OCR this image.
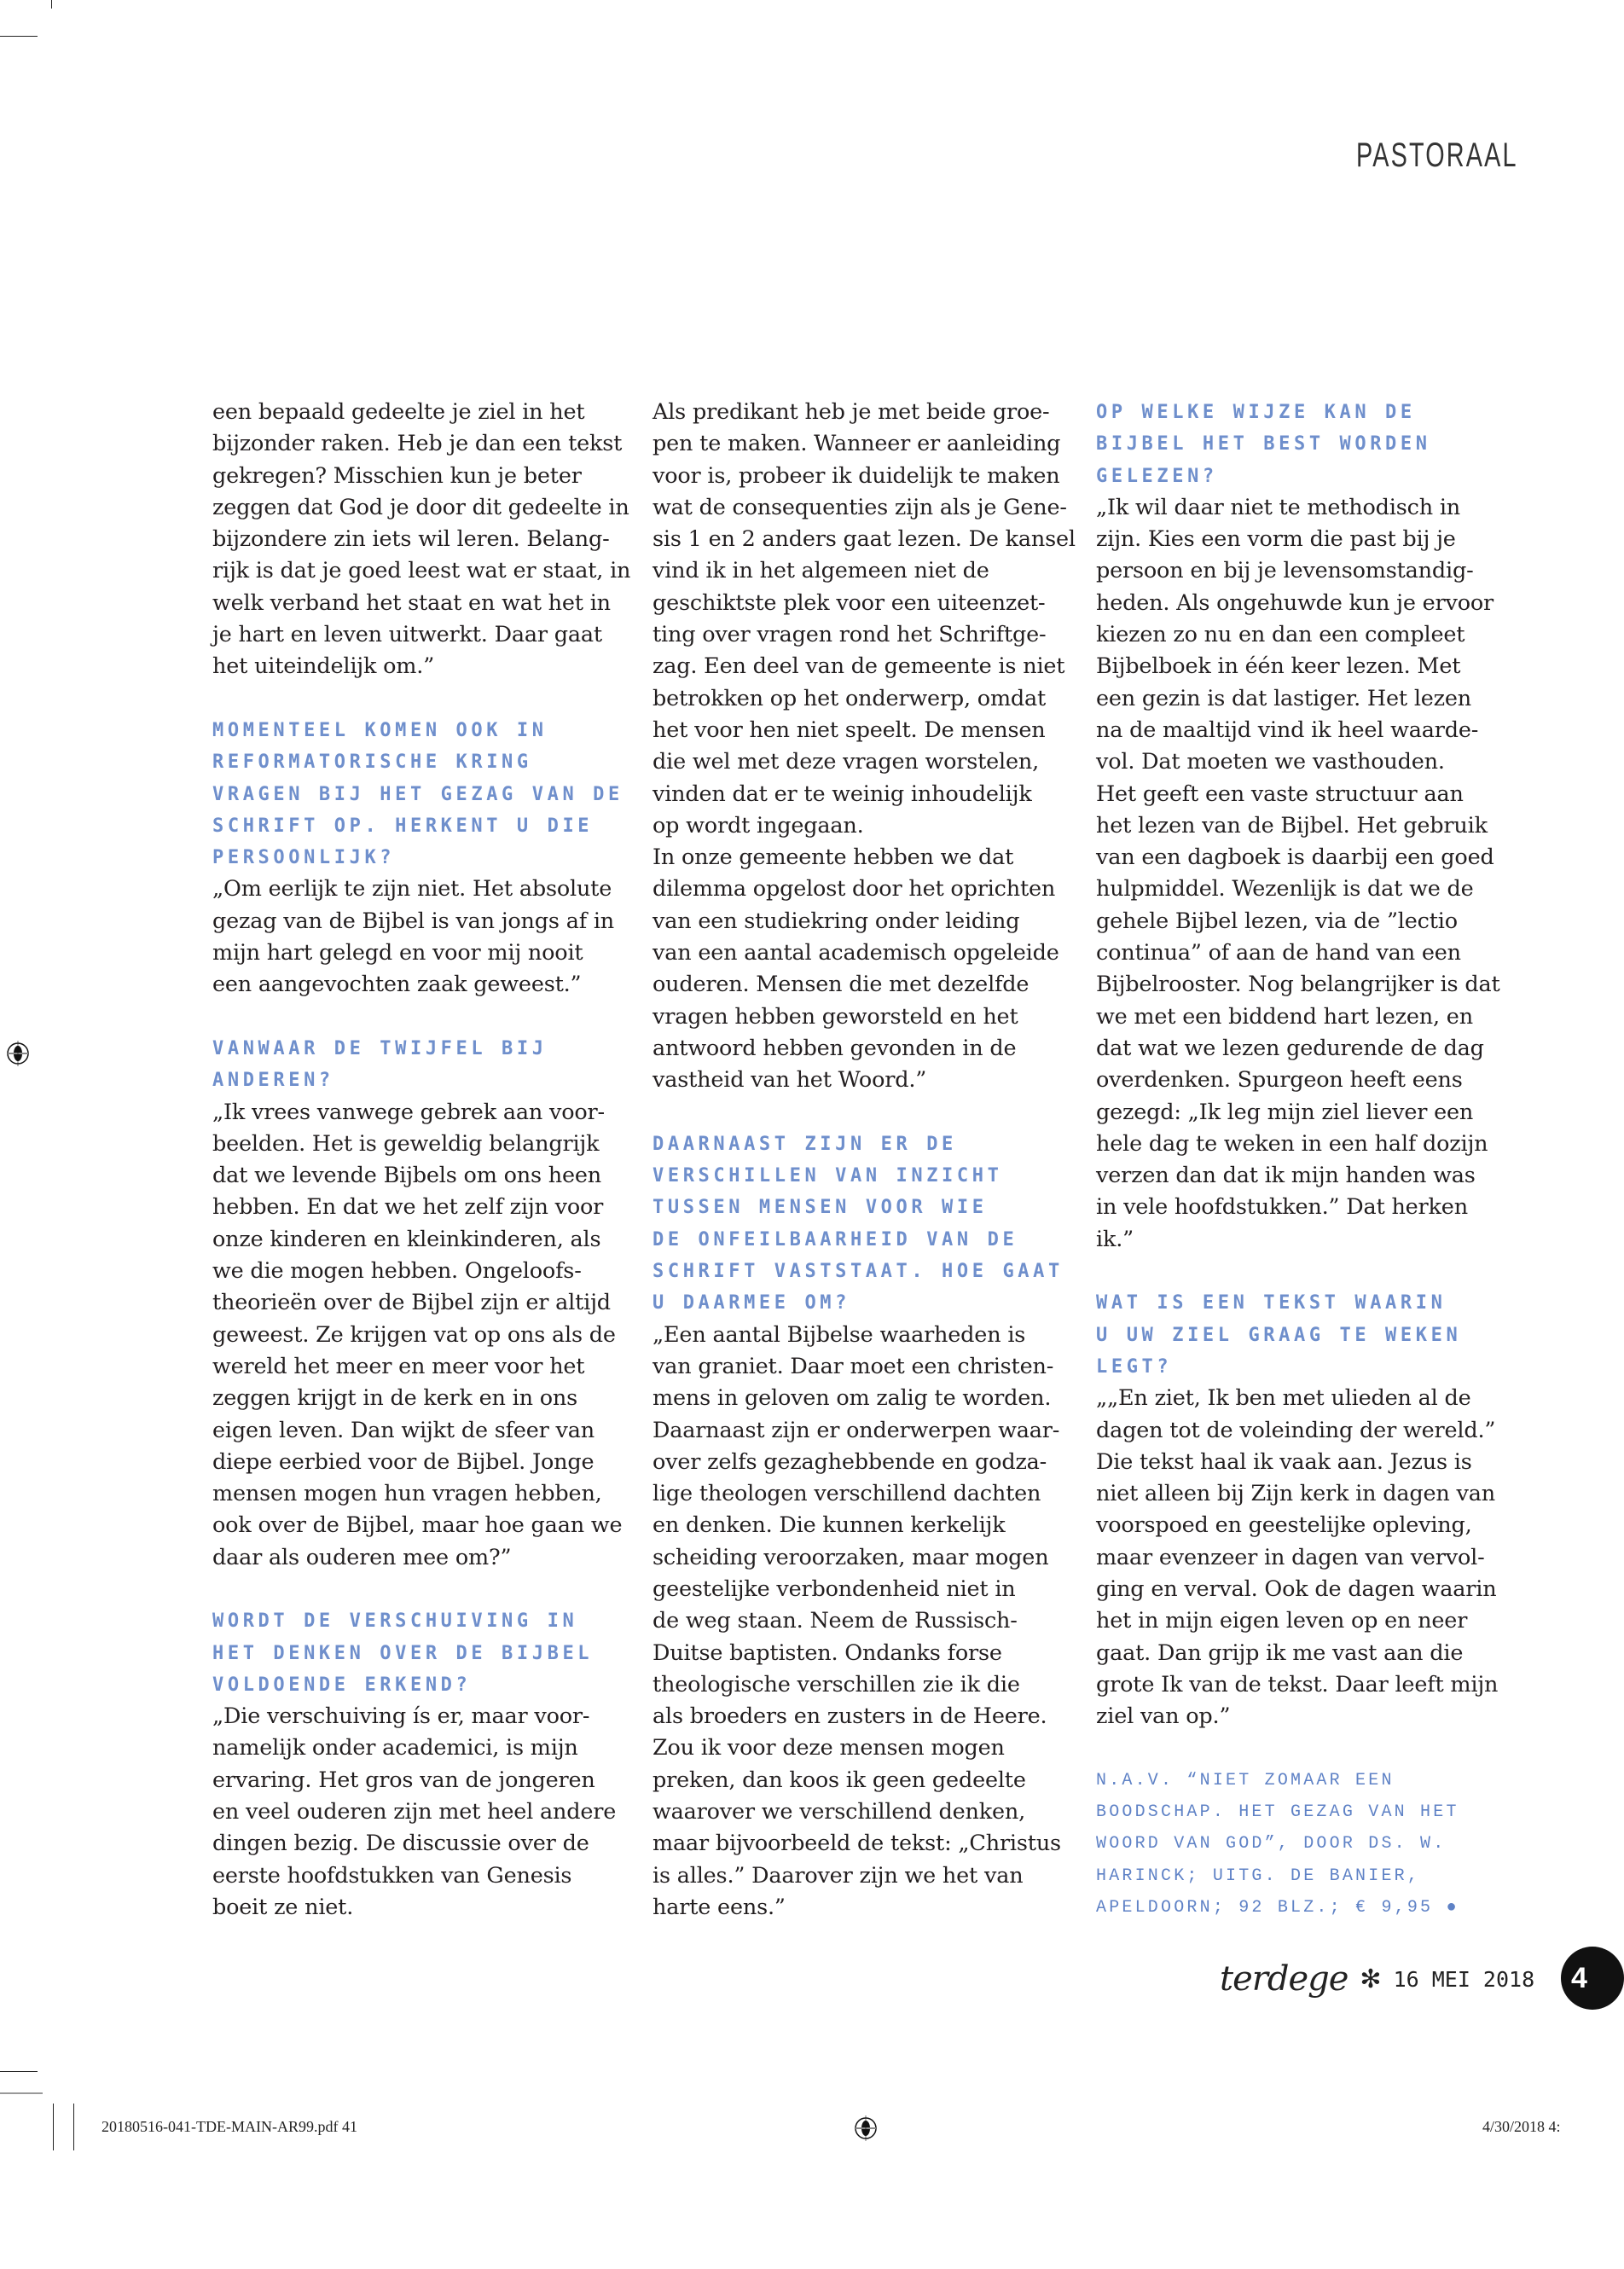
PASTORAAL
een bepaald gedeelte je ziel in het
bijzonder raken. Heb je dan een tekst
gekregen? Misschien kun je beter
zeggen dat God je door dit gedeelte in
bijzondere zin iets wil leren. Belang-
rijk is dat je goed leest wat er staat, in
welk verband het staat en wat het in
je hart en leven uitwerkt. Daar gaat
het uiteindelijk om.”
MOMENTEEL KOMEN OOK IN
REFORMATORISCHE KRING
VRAGEN BIJ HET GEZAG VAN DE
SCHRIFT OP. HERKENT U DIE
PERSOONLIJK?
„Om eerlijk te zijn niet. Het absolute
gezag van de Bijbel is van jongs af in
mijn hart gelegd en voor mij nooit
een aangevochten zaak geweest.”
VANWAAR DE TWIJFEL BIJ
ANDEREN?
„Ik vrees vanwege gebrek aan voor-
beelden. Het is geweldig belangrijk
dat we levende Bijbels om ons heen
hebben. En dat we het zelf zijn voor
onze kinderen en kleinkinderen, als
we die mogen hebben. Ongeloofs-
theorieën over de Bijbel zijn er altijd
geweest. Ze krijgen vat op ons als de
wereld het meer en meer voor het
zeggen krijgt in de kerk en in ons
eigen leven. Dan wijkt de sfeer van
diepe eerbied voor de Bijbel. Jonge
mensen mogen hun vragen hebben,
ook over de Bijbel, maar hoe gaan we
daar als ouderen mee om?”
WORDT DE VERSCHUIVING IN
HET DENKEN OVER DE BIJBEL
VOLDOENDE ERKEND?
„Die verschuiving ís er, maar voor-
namelijk onder academici, is mijn
ervaring. Het gros van de jongeren
en veel ouderen zijn met heel andere
dingen bezig. De discussie over de
eerste hoofdstukken van Genesis
boeit ze niet.
Als predikant heb je met beide groe-
pen te maken. Wanneer er aanleiding
voor is, probeer ik duidelijk te maken
wat de consequenties zijn als je Gene-
sis 1 en 2 anders gaat lezen. De kansel
vind ik in het algemeen niet de
geschiktste plek voor een uiteenzet-
ting over vragen rond het Schriftge-
zag. Een deel van de gemeente is niet
betrokken op het onderwerp, omdat
het voor hen niet speelt. De mensen
die wel met deze vragen worstelen,
vinden dat er te weinig inhoudelijk
op wordt ingegaan.
In onze gemeente hebben we dat
dilemma opgelost door het oprichten
van een studiekring onder leiding
van een aantal academisch opgeleide
ouderen. Mensen die met dezelfde
vragen hebben geworsteld en het
antwoord hebben gevonden in de
vastheid van het Woord.”
DAARNAAST ZIJN ER DE
VERSCHILLEN VAN INZICHT
TUSSEN MENSEN VOOR WIE
DE ONFEILBAARHEID VAN DE
SCHRIFT VASTSTAAT. HOE GAAT
U DAARMEE OM?
„Een aantal Bijbelse waarheden is
van graniet. Daar moet een christen-
mens in geloven om zalig te worden.
Daarnaast zijn er onderwerpen waar-
over zelfs gezaghebbende en godza-
lige theologen verschillend dachten
en denken. Die kunnen kerkelijk
scheiding veroorzaken, maar mogen
geestelijke verbondenheid niet in
de weg staan. Neem de Russisch-
Duitse baptisten. Ondanks forse
theologische verschillen zie ik die
als broeders en zusters in de Heere.
Zou ik voor deze mensen mogen
preken, dan koos ik geen gedeelte
waarover we verschillend denken,
maar bijvoorbeeld de tekst: „Christus
is alles.” Daarover zijn we het van
harte eens.”
OP WELKE WIJZE KAN DE
BIJBEL HET BEST WORDEN
GELEZEN?
„Ik wil daar niet te methodisch in
zijn. Kies een vorm die past bij je
persoon en bij je levensomstandig-
heden. Als ongehuwde kun je ervoor
kiezen zo nu en dan een compleet
Bijbelboek in één keer lezen. Met
een gezin is dat lastiger. Het lezen
na de maaltijd vind ik heel waarde-
vol. Dat moeten we vasthouden.
Het geeft een vaste structuur aan
het lezen van de Bijbel. Het gebruik
van een dagboek is daarbij een goed
hulpmiddel. Wezenlijk is dat we de
gehele Bijbel lezen, via de ”lectio
continua” of aan de hand van een
Bijbelrooster. Nog belangrijker is dat
we met een biddend hart lezen, en
dat wat we lezen gedurende de dag
overdenken. Spurgeon heeft eens
gezegd: „Ik leg mijn ziel liever een
hele dag te weken in een half dozijn
verzen dan dat ik mijn handen was
in vele hoofdstukken.” Dat herken
ik.”
WAT IS EEN TEKST WAARIN
U UW ZIEL GRAAG TE WEKEN
LEGT?
„„En ziet, Ik ben met ulieden al de
dagen tot de voleinding der wereld.”
Die tekst haal ik vaak aan. Jezus is
niet alleen bij Zijn kerk in dagen van
voorspoed en geestelijke opleving,
maar evenzeer in dagen van vervol-
ging en verval. Ook de dagen waarin
het in mijn eigen leven op en neer
gaat. Dan grijp ik me vast aan die
grote Ik van de tekst. Daar leeft mijn
ziel van op.”
N.A.V. “NIET ZOMAAR EEN
BOODSCHAP. HET GEZAG VAN HET
WOORD VAN GOD”, DOOR DS. W.
HARINCK; UITG. DE BANIER,
APELDOORN; 92 BLZ.; € 9,95 ●
terdege ✻ 16 MEI 2018	4
20180516-041-TDE-MAIN-AR99.pdf 41	4/30/2018 4:
